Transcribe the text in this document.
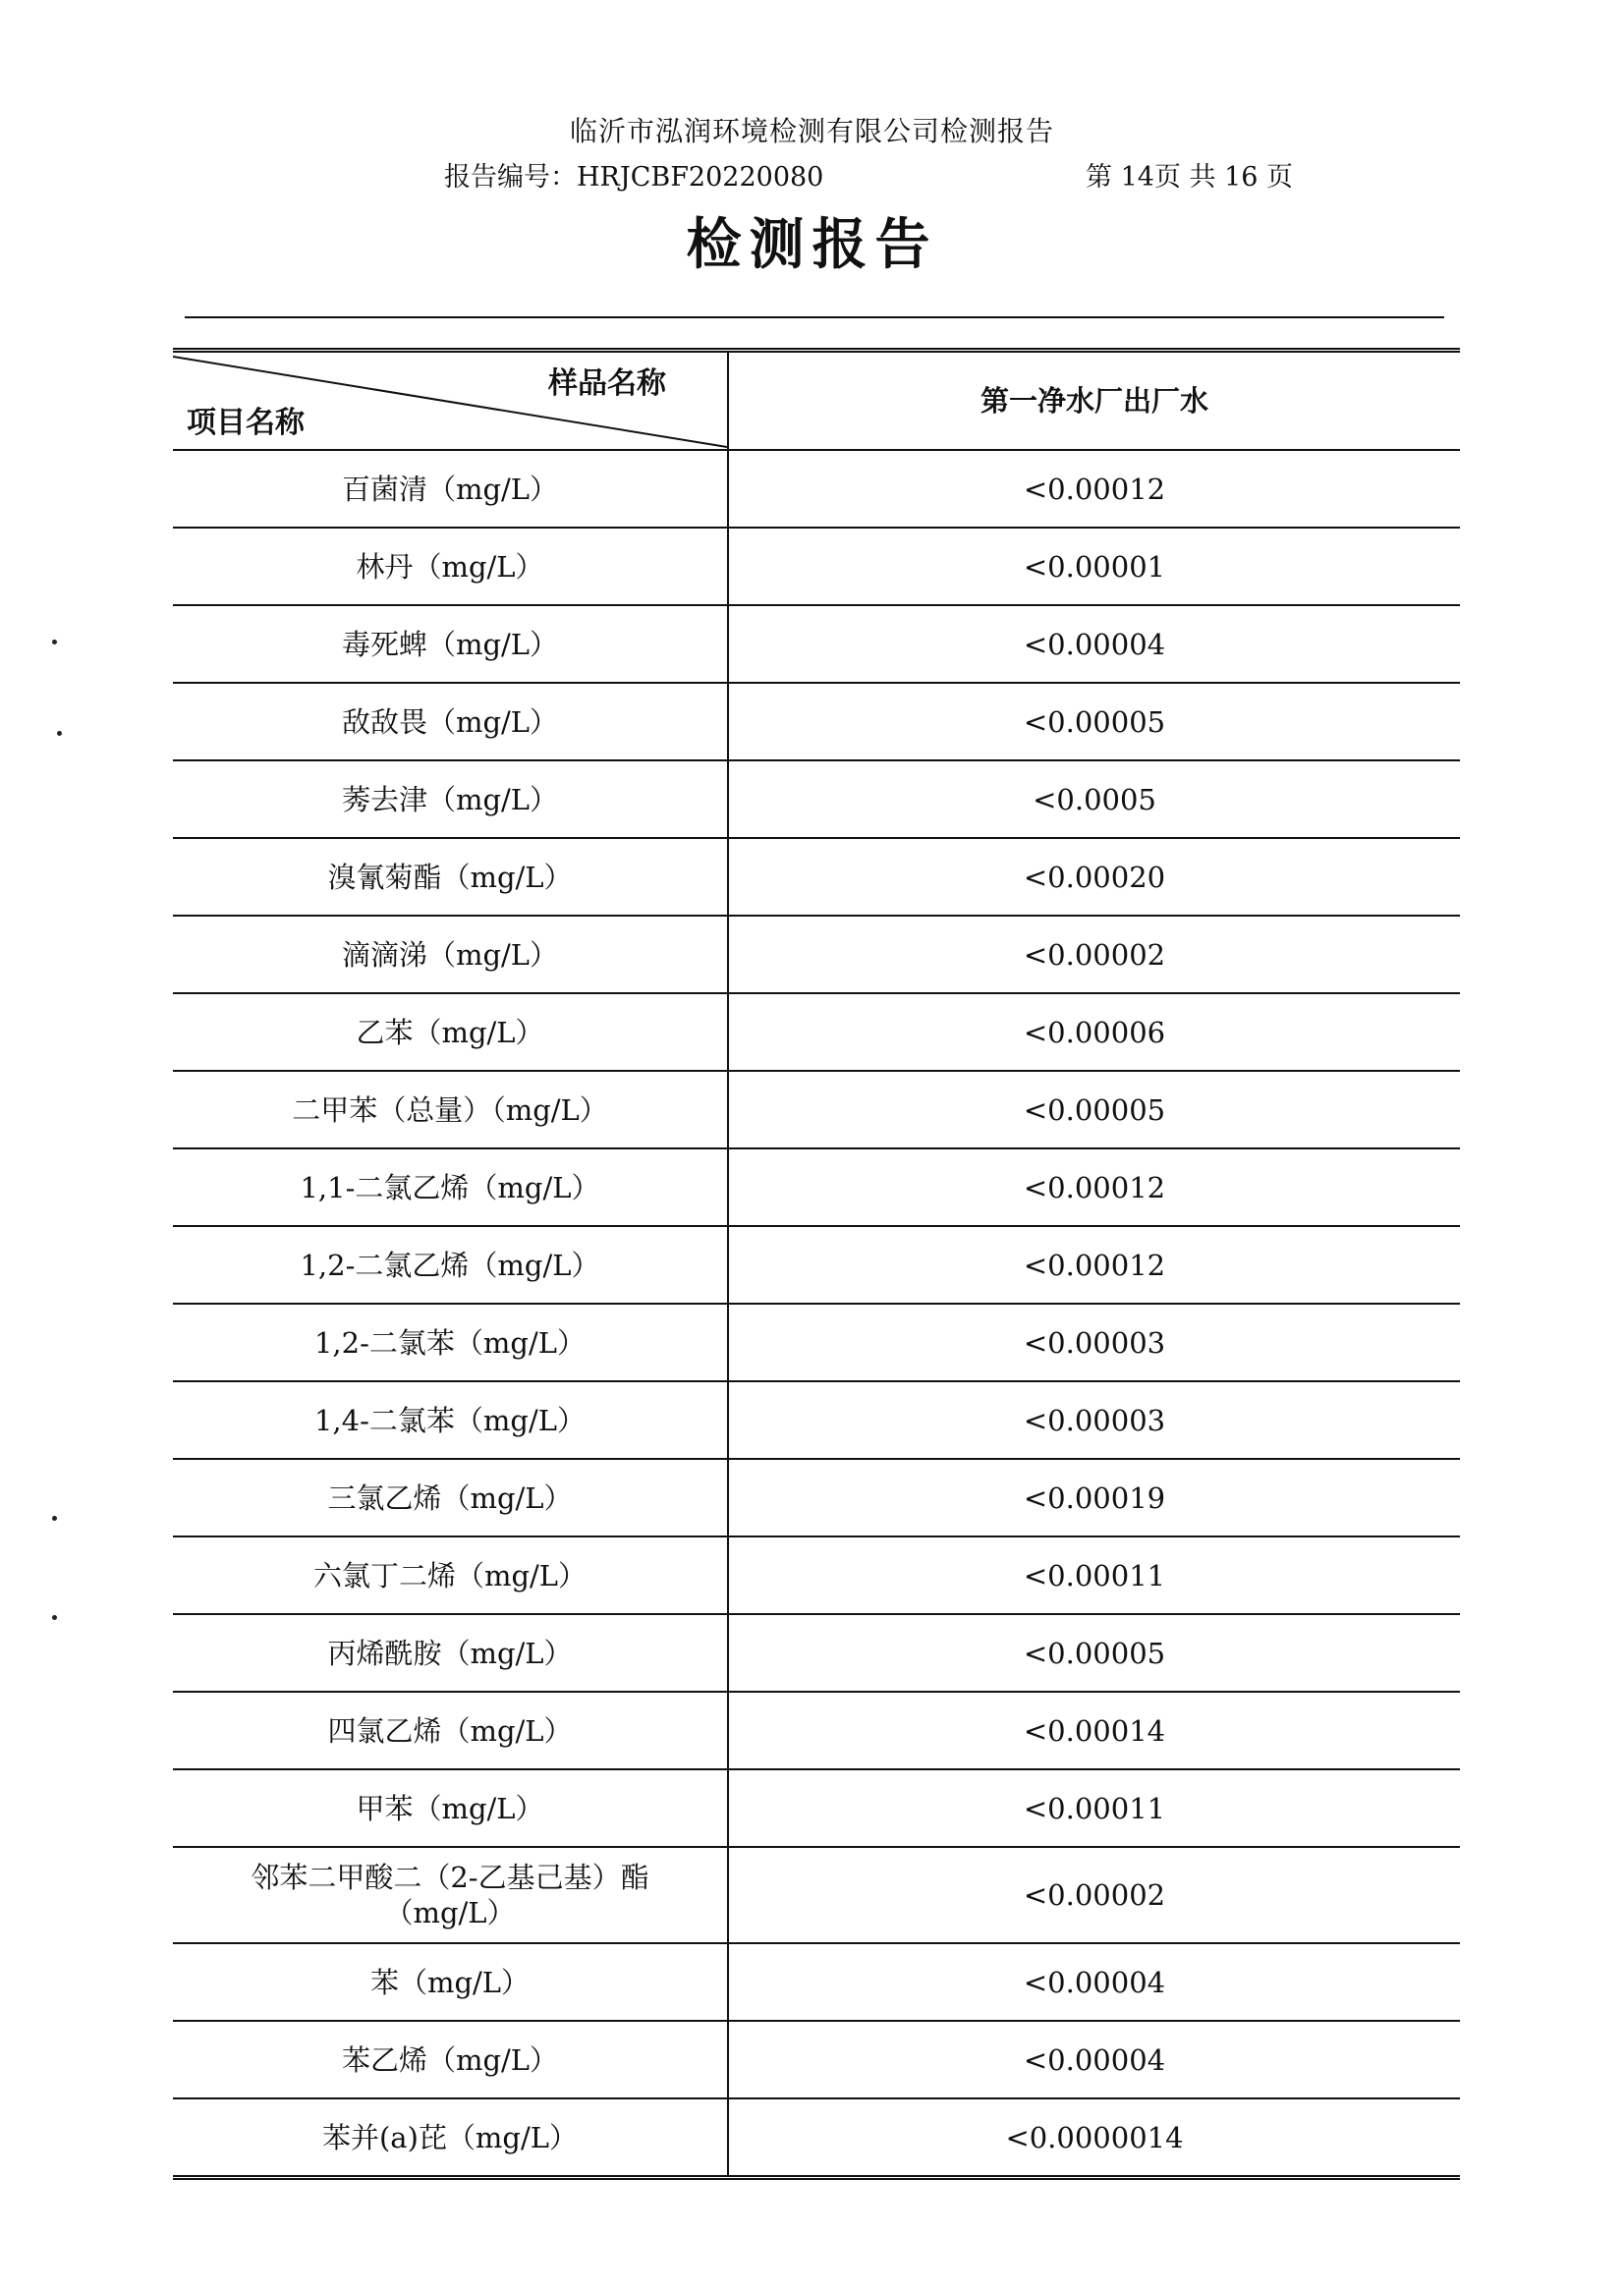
临沂市泓润环境检测有限公司检测报告
报告编号：HRJCBF20220080	第 14页 共 16 页
检测报告
样品名称
项目名称	第一净水厂出厂水
百菌清（mg/L）	<0.00012
林丹（mg/L）	<0.00001
毒死蜱（mg/L）	<0.00004
敌敌畏（mg/L）	<0.00005
莠去津（mg/L）	<0.0005
溴氰菊酯（mg/L）	<0.00020
滴滴涕（mg/L）	<0.00002
乙苯（mg/L）	<0.00006
二甲苯（总量）（mg/L）	<0.00005
1,1-二氯乙烯（mg/L）	<0.00012
1,2-二氯乙烯（mg/L）	<0.00012
1,2-二氯苯（mg/L）	<0.00003
1,4-二氯苯（mg/L）	<0.00003
三氯乙烯（mg/L）	<0.00019
六氯丁二烯（mg/L）	<0.00011
丙烯酰胺（mg/L）	<0.00005
四氯乙烯（mg/L）	<0.00014
甲苯（mg/L）	<0.00011
邻苯二甲酸二（2-乙基己基）酯（mg/L）	<0.00002
苯（mg/L）	<0.00004
苯乙烯（mg/L）	<0.00004
苯并(a)芘（mg/L）	<0.0000014
